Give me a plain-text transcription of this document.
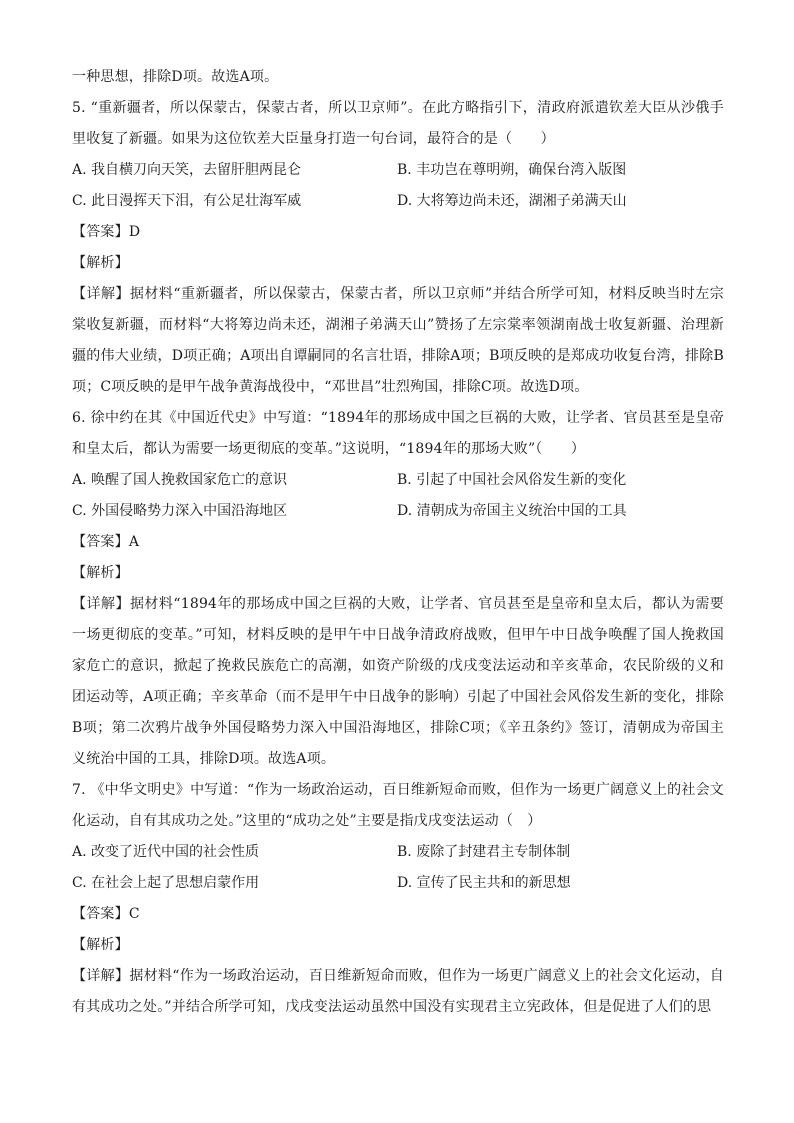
一种思想，排除D项。故选A项。
5. “重新疆者，所以保蒙古，保蒙古者，所以卫京师”。在此方略指引下，清政府派遣钦差大臣从沙俄手里收复了新疆。如果为这位钦差大臣量身打造一句台词，最符合的是（　　）
A. 我自横刀向天笑，去留肝胆两昆仑	B. 丰功岂在尊明朔，确保台湾入版图
C. 此日漫挥天下泪，有公足壮海军威	D. 大将筹边尚未还，湖湘子弟满天山
【答案】D
【解析】
【详解】据材料“重新疆者，所以保蒙古，保蒙古者，所以卫京师”并结合所学可知，材料反映当时左宗棠收复新疆，而材料“大将筹边尚未还，湖湘子弟满天山”赞扬了左宗棠率领湖南战士收复新疆、治理新疆的伟大业绩，D项正确；A项出自谭嗣同的名言壮语，排除A项；B项反映的是郑成功收复台湾，排除B项；C项反映的是甲午战争黄海战役中，“邓世昌”壮烈殉国，排除C项。故选D项。
6. 徐中约在其《中国近代史》中写道：“1894年的那场成中国之巨祸的大败，让学者、官员甚至是皇帝和皇太后，都认为需要一场更彻底的变革。”这说明，“1894年的那场大败”（　　）
A. 唤醒了国人挽救国家危亡的意识	B. 引起了中国社会风俗发生新的变化
C. 外国侵略势力深入中国沿海地区	D. 清朝成为帝国主义统治中国的工具
【答案】A
【解析】
【详解】据材料“1894年的那场成中国之巨祸的大败，让学者、官员甚至是皇帝和皇太后，都认为需要一场更彻底的变革。”可知，材料反映的是甲午中日战争清政府战败，但甲午中日战争唤醒了国人挽救国家危亡的意识，掀起了挽救民族危亡的高潮，如资产阶级的戊戌变法运动和辛亥革命，农民阶级的义和团运动等，A项正确；辛亥革命（而不是甲午中日战争的影响）引起了中国社会风俗发生新的变化，排除B项；第二次鸦片战争外国侵略势力深入中国沿海地区，排除C项；《辛丑条约》签订，清朝成为帝国主义统治中国的工具，排除D项。故选A项。
7. 《中华文明史》中写道：“作为一场政治运动，百日维新短命而败，但作为一场更广阔意义上的社会文化运动，自有其成功之处。”这里的“成功之处”主要是指戊戌变法运动（　）
A. 改变了近代中国的社会性质	B. 废除了封建君主专制体制
C. 在社会上起了思想启蒙作用	D. 宣传了民主共和的新思想
【答案】C
【解析】
【详解】据材料“作为一场政治运动，百日维新短命而败，但作为一场更广阔意义上的社会文化运动，自有其成功之处。”并结合所学可知，戊戌变法运动虽然中国没有实现君主立宪政体，但是促进了人们的思
